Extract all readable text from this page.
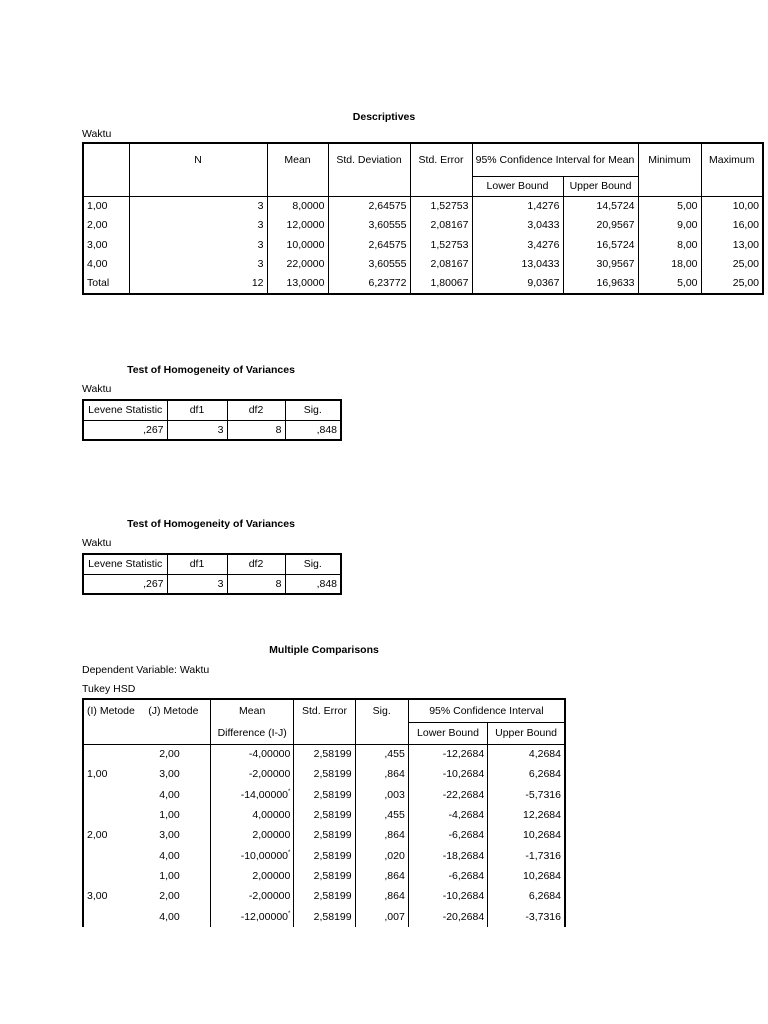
Descriptives
Waktu
	N	Mean	Std. Deviation	Std. Error	95% Confidence Interval for Mean		Minimum	Maximum
					Lower Bound	Upper Bound		
1,00	3	8,0000	2,64575	1,52753	1,4276	14,5724	5,00	10,00
2,00	3	12,0000	3,60555	2,08167	3,0433	20,9567	9,00	16,00
3,00	3	10,0000	2,64575	1,52753	3,4276	16,5724	8,00	13,00
4,00	3	22,0000	3,60555	2,08167	13,0433	30,9567	18,00	25,00
Total	12	13,0000	6,23772	1,80067	9,0367	16,9633	5,00	25,00
Test of Homogeneity of Variances
Waktu
Levene Statistic	df1	df2	Sig.
,267	3	8	,848
Test of Homogeneity of Variances
Waktu
Levene Statistic	df1	df2	Sig.
,267	3	8	,848
Multiple Comparisons
Dependent Variable: Waktu
Tukey HSD
(I) Metode	(J) Metode	Mean	Std. Error	Sig.	95% Confidence Interval	
		Difference (I-J)			Lower Bound	Upper Bound
	2,00	-4,00000	2,58199	,455	-12,2684	4,2684
1,00	3,00	-2,00000	2,58199	,864	-10,2684	6,2684
	4,00	-14,00000*	2,58199	,003	-22,2684	-5,7316
	1,00	4,00000	2,58199	,455	-4,2684	12,2684
2,00	3,00	2,00000	2,58199	,864	-6,2684	10,2684
	4,00	-10,00000*	2,58199	,020	-18,2684	-1,7316
	1,00	2,00000	2,58199	,864	-6,2684	10,2684
3,00	2,00	-2,00000	2,58199	,864	-10,2684	6,2684
	4,00	-12,00000*	2,58199	,007	-20,2684	-3,7316
